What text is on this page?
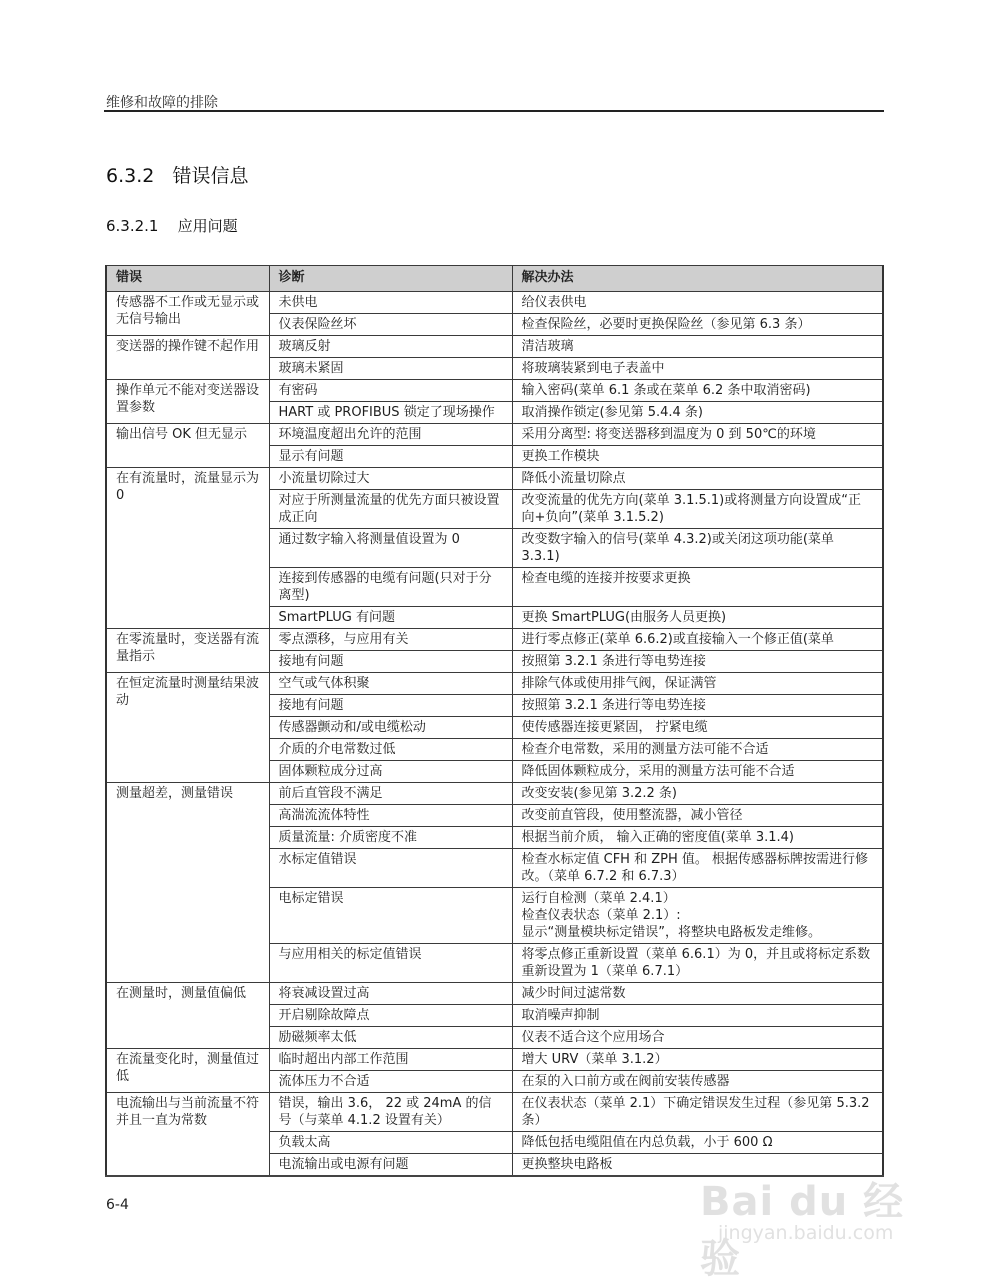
维修和故障的排除
6.3.2 错误信息
6.3.2.1 应用问题
错误	诊断	解决办法
传感器不工作或无显示或无信号输出	未供电	给仪表供电
	仪表保险丝坏	检查保险丝，必要时更换保险丝（参见第 6.3 条）
变送器的操作键不起作用	玻璃反射	清洁玻璃
	玻璃未紧固	将玻璃装紧到电子表盖中
操作单元不能对变送器设置参数	有密码	输入密码(菜单 6.1 条或在菜单 6.2 条中取消密码)
	HART 或 PROFIBUS 锁定了现场操作	取消操作锁定(参见第 5.4.4 条)
输出信号 OK 但无显示	环境温度超出允许的范围	采用分离型: 将变送器移到温度为 0 到 50℃的环境
	显示有问题	更换工作模块
在有流量时，流量显示为 0	小流量切除过大	降低小流量切除点
	对应于所测量流量的优先方面只被设置成正向	改变流量的优先方向(菜单 3.1.5.1)或将测量方向设置成“正向+负向”(菜单 3.1.5.2)
	通过数字输入将测量值设置为 0	改变数字输入的信号(菜单 4.3.2)或关闭这项功能(菜单 3.3.1)
	连接到传感器的电缆有问题(只对于分离型)	检查电缆的连接并按要求更换
	SmartPLUG 有问题	更换 SmartPLUG(由服务人员更换)
在零流量时，变送器有流量指示	零点漂移，与应用有关	进行零点修正(菜单 6.6.2)或直接输入一个修正值(菜单
	接地有问题	按照第 3.2.1 条进行等电势连接
在恒定流量时测量结果波动	空气或气体积聚	排除气体或使用排气阀，保证满管
	接地有问题	按照第 3.2.1 条进行等电势连接
	传感器颤动和/或电缆松动	使传感器连接更紧固， 拧紧电缆
	介质的介电常数过低	检查介电常数，采用的测量方法可能不合适
	固体颗粒成分过高	降低固体颗粒成分，采用的测量方法可能不合适
测量超差，测量错误	前后直管段不满足	改变安装(参见第 3.2.2 条)
	高湍流流体特性	改变前直管段，使用整流器，减小管径
	质量流量: 介质密度不准	根据当前介质， 输入正确的密度值(菜单 3.1.4)
	水标定值错误	检查水标定值 CFH 和 ZPH 值。 根据传感器标牌按需进行修改。（菜单 6.7.2 和 6.7.3）
	电标定错误	运行自检测（菜单 2.4.1）
检查仪表状态（菜单 2.1）:
显示“测量模块标定错误”，将整块电路板发走维修。

	与应用相关的标定值错误	将零点修正重新设置（菜单 6.6.1）为 0，并且或将标定系数重新设置为 1（菜单 6.7.1）
在测量时，测量值偏低	将衰减设置过高	减少时间过滤常数
	开启剔除故障点	取消噪声抑制
	励磁频率太低	仪表不适合这个应用场合
在流量变化时，测量值过低	临时超出内部工作范围	增大 URV（菜单 3.1.2）
	流体压力不合适	在泵的入口前方或在阀前安装传感器
电流输出与当前流量不符并且一直为常数	错误，输出 3.6， 22 或 24mA 的信号（与菜单 4.1.2 设置有关）	在仪表状态（菜单 2.1）下确定错误发生过程（参见第 5.3.2 条）
	负载太高	降低包括电缆阻值在内总负载，小于 600 Ω
	电流输出或电源有问题	更换整块电路板
6-4	Bai du 经验
jingyan.baidu.com
